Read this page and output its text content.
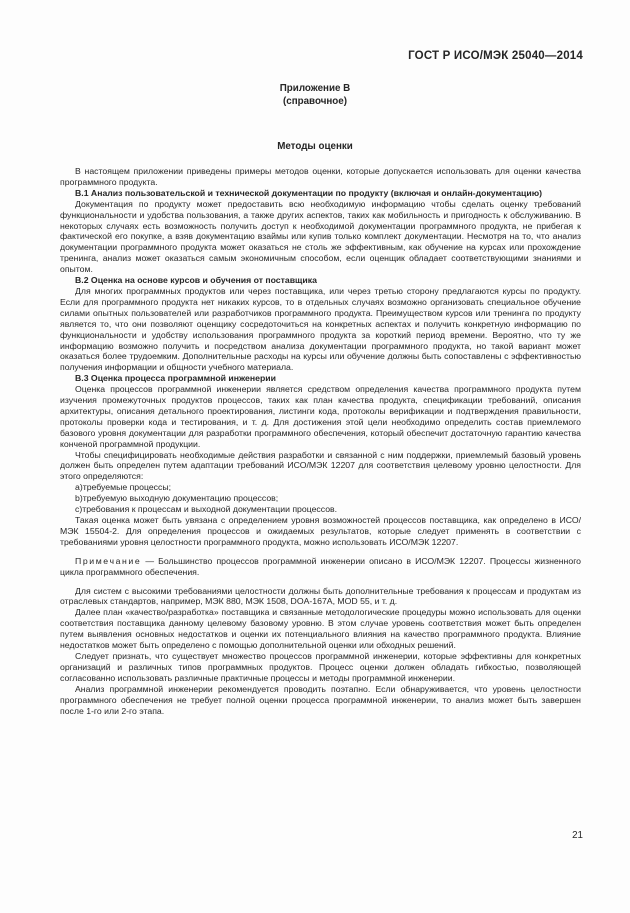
ГОСТ Р ИСО/МЭК 25040—2014
Приложение В
(справочное)
Методы оценки

В настоящем приложении приведены примеры методов оценки, которые допускается использовать для оценки качества программного продукта.

В.1 Анализ пользовательской и технической документации по продукту (включая и онлайн-документацию)

Документация по продукту может предоставить всю необходимую информацию чтобы сделать оценку требований функциональности и удобства пользования, а также других аспектов, таких как мобильность и пригодность к обслуживанию. В некоторых случаях есть возможность получить доступ к необходимой документации программного продукта, не прибегая к фактической его покупке, а взяв документацию взаймы или купив только комплект документации. Несмотря на то, что анализ документации программного продукта может оказаться не столь же эффективным, как обучение на курсах или прохождение тренинга, анализ может оказаться самым экономичным способом, если оценщик обладает соответствующими знаниями и опытом.

В.2 Оценка на основе курсов и обучения от поставщика

Для многих программных продуктов или через поставщика, или через третью сторону предлагаются курсы по продукту. Если для программного продукта нет никаких курсов, то в отдельных случаях возможно организовать специальное обучение силами опытных пользователей или разработчиков программного продукта. Преимуществом курсов или тренинга по продукту является то, что они позволяют оценщику сосредоточиться на конкретных аспектах и получить конкретную информацию по функциональности и удобству использования программного продукта за короткий период времени. Вероятно, что ту же информацию возможно получить и посредством анализа документации программного продукта, но такой вариант может оказаться более трудоемким. Дополнительные расходы на курсы или обучение должны быть сопоставлены с эффективностью получения информации и общности учебного материала.

В.3 Оценка процесса программной инженерии

Оценка процессов программной инженерии является средством определения качества программного продукта путем изучения промежуточных продуктов процессов, таких как план качества продукта, спецификации требований, описания архитектуры, описания детального проектирования, листинги кода, протоколы верификации и подтверждения правильности, протоколы проверки кода и тестирования, и т. д. Для достижения этой цели необходимо определить состав приемлемого базового уровня документации для разработки программного обеспечения, который обеспечит достаточную гарантию качества конченой программной продукции.

Чтобы специфицировать необходимые действия разработки и связанной с ним поддержки, приемлемый базовый уровень должен быть определен путем адаптации требований ИСО/МЭК 12207 для соответствия целевому уровню целостности. Для этого определяются:

a)требуемые процессы;

b)требуемую выходную документацию процессов;

c)требования к процессам и выходной документации процессов.

Такая оценка может быть увязана с определением уровня возможностей процессов поставщика, как определено в ИСО/МЭК 15504-2. Для определения процессов и ожидаемых результатов, которые следует применять в соответствии с требованиями уровня целостности программного продукта, можно использовать ИСО/МЭК 12207.

Примечание — Большинство процессов программной инженерии описано в ИСО/МЭК 12207. Процессы жизненного цикла программного обеспечения.

Для систем с высокими требованиями целостности должны быть дополнительные требования к процессам и продуктам из отраслевых стандартов, например, МЭК 880, МЭК 1508, DOA-167A, MOD 55, и т. д.

Далее план «качество/разработка» поставщика и связанные методологические процедуры можно использовать для оценки соответствия поставщика данному целевому базовому уровню. В этом случае уровень соответствия может быть определен путем выявления основных недостатков и оценки их потенциального влияния на качество программного продукта. Влияние недостатков может быть определено с помощью дополнительной оценки или обходных решений.

Следует признать, что существует множество процессов программной инженерии, которые эффективны для конкретных организаций и различных типов программных продуктов. Процесс оценки должен обладать гибкостью, позволяющей согласованно использовать различные практичные процессы и методы программной инженерии.

Анализ программной инженерии рекомендуется проводить поэтапно. Если обнаруживается, что уровень целостности программного обеспечения не требует полной оценки процесса программной инженерии, то анализ может быть завершен после 1-го или 2-го этапа.

21
